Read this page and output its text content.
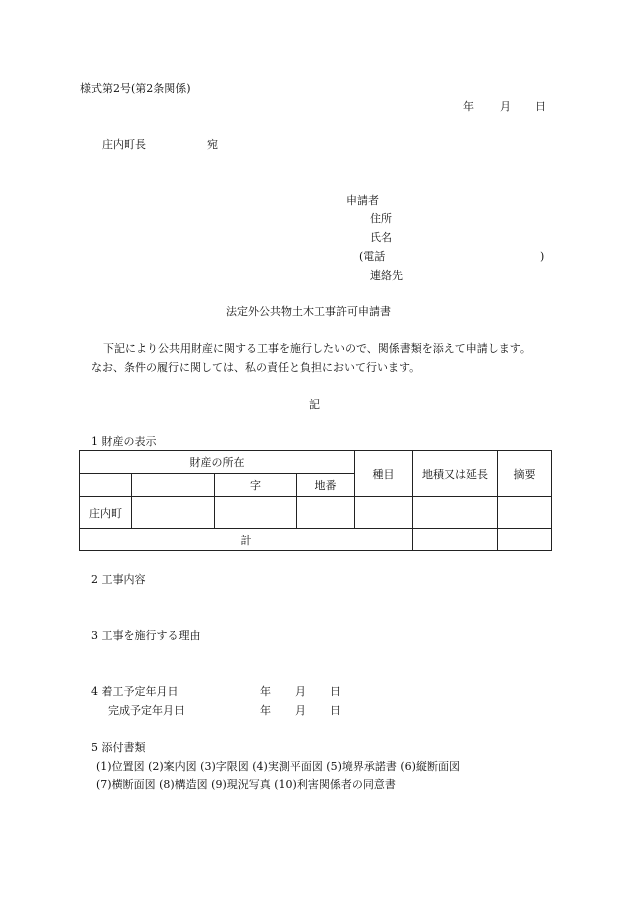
様式第2号(第2条関係)
年 月 日
庄内町長	宛
申請者
住所
氏名
(電話	)
連絡先
法定外公共物土木工事許可申請書
下記により公共用財産に関する工事を施行したいので、関係書類を添えて申請します。
なお、条件の履行に関しては、私の責任と負担において行います。
記
1 財産の表示
財産の所在				種目	地積又は延長	摘要
		字	地番			
庄内町						
計						
2 工事内容
3 工事を施行する理由
4 着工予定年月日	年 月 日
完成予定年月日	年 月 日
5 添付書類
(1)位置図 (2)案内図 (3)字限図 (4)実測平面図 (5)境界承諾書 (6)縦断面図
(7)横断面図 (8)構造図 (9)現況写真 (10)利害関係者の同意書
